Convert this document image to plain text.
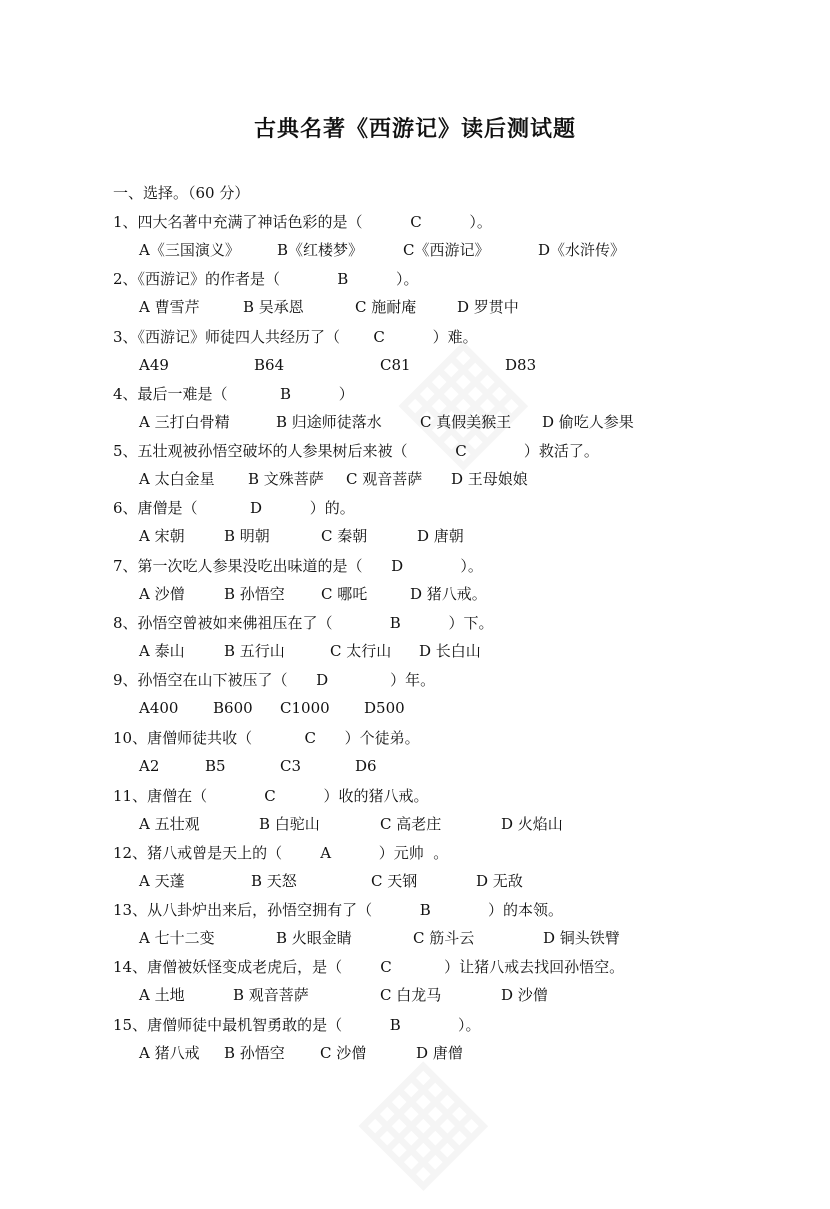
古典名著《西游记》读后测试题
一、选择。（60 分）
1、四大名著中充满了神话色彩的是（          C          ）。
A《三国演义》 B《红楼梦》	C《西游记》	D《水浒传》
2、《西游记》的作者是（            B          ）。
A 曹雪芹	B 吴承恩	C 施耐庵	D 罗贯中
3、《西游记》师徒四人共经历了（       C          ）难。
A49	B64	C81	D83
4、最后一难是（           B          ）
A 三打白骨精	B 归途师徒落水	C 真假美猴王 D 偷吃人参果
5、五壮观被孙悟空破坏的人参果树后来被（          C            ）救活了。
A 太白金星 B 文殊菩萨 C 观音菩萨 D 王母娘娘
6、唐僧是（           D          ）的。
A 宋朝	B 明朝	C 秦朝	D 唐朝
7、第一次吃人参果没吃出味道的是（      D            ）。
A 沙僧	B 孙悟空 C 哪吒	D 猪八戒。
8、孙悟空曾被如来佛祖压在了（            B          ）下。
A 泰山	B 五行山	C 太行山 D 长白山
9、孙悟空在山下被压了（      D             ）年。
A400 B600 C1000 D500
10、唐僧师徒共收（           C      ）个徒弟。
A2	B5	C3	D6
11、唐僧在（            C          ）收的猪八戒。
A 五壮观	B 白驼山	C 高老庄	D 火焰山
12、猪八戒曾是天上的（        A          ）元帅  。
A 天蓬	B 天怒	C 天钢	D 无敌
13、从八卦炉出来后，孙悟空拥有了（          B            ）的本领。
A 七十二变	B 火眼金睛	C 筋斗云	D 铜头铁臂
14、唐僧被妖怪变成老虎后，是（        C           ）让猪八戒去找回孙悟空。
A 土地	B 观音菩萨	C 白龙马	D 沙僧
15、唐僧师徒中最机智勇敢的是（          B            ）。
A 猪八戒 B 孙悟空 C 沙僧	D 唐僧
